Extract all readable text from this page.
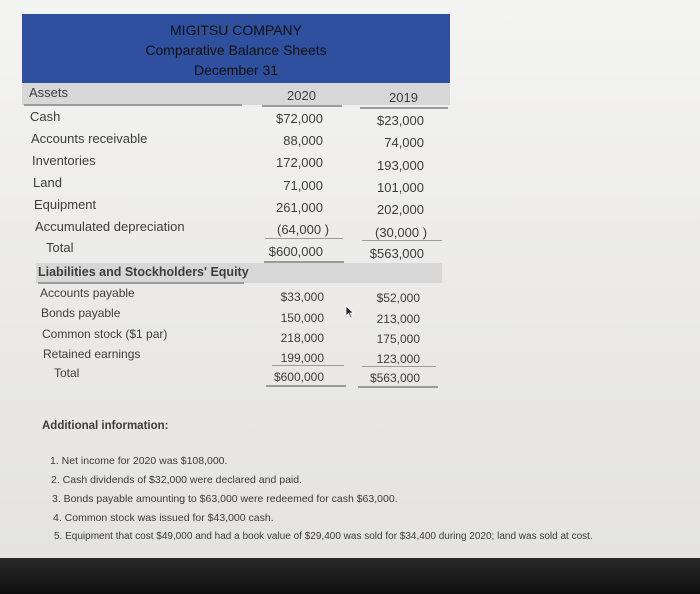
MIGITSU COMPANY
Comparative Balance Sheets
December 31
Assets	2020	2019
Cash	$72,000	$23,000
Accounts receivable	88,000	74,000
Inventories	172,000	193,000
Land	71,000	101,000
Equipment	261,000	202,000
Accumulated depreciation	(64,000 )	(30,000 )
Total	$600,000	$563,000
Liabilities and Stockholders' Equity
Accounts payable	$33,000	$52,000
Bonds payable	150,000	213,000
Common stock ($1 par)	218,000	175,000
Retained earnings	199,000	123,000
Total	$600,000	$563,000
Additional information:
1. Net income for 2020 was $108,000.
2. Cash dividends of $32,000 were declared and paid.
3. Bonds payable amounting to $63,000 were redeemed for cash $63,000.
4. Common stock was issued for $43,000 cash.
5. Equipment that cost $49,000 and had a book value of $29,400 was sold for $34,400 during 2020; land was sold at cost.
